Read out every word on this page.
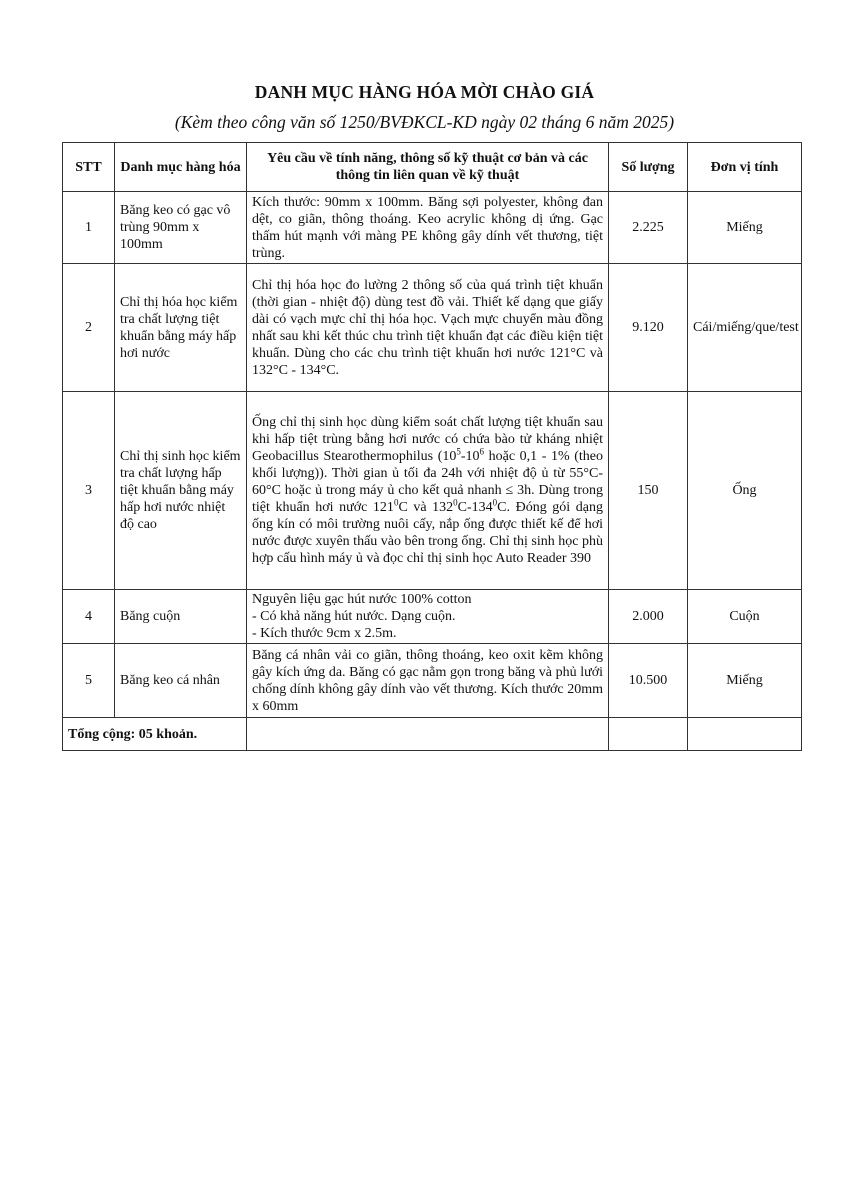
DANH MỤC HÀNG HÓA MỜI CHÀO GIÁ
(Kèm theo công văn số 1250/BVĐKCL-KD ngày 02 tháng 6 năm 2025)
STT	Danh mục hàng hóa	Yêu cầu về tính năng, thông số kỹ thuật cơ bản và các thông tin liên quan về kỹ thuật	Số lượng	Đơn vị tính
1	Băng keo có gạc vô trùng 90mm x 100mm	Kích thước: 90mm x 100mm. Băng sợi polyester, không đan dệt, co giãn, thông thoáng. Keo acrylic không dị ứng. Gạc thấm hút mạnh với màng PE không gây dính vết thương, tiệt trùng.	2.225	Miếng
2	Chỉ thị hóa học kiểm tra chất lượng tiệt khuẩn bằng máy hấp hơi nước	Chỉ thị hóa học đo lường 2 thông số của quá trình tiệt khuẩn (thời gian - nhiệt độ) dùng test đồ vải. Thiết kế dạng que giấy dài có vạch mực chỉ thị hóa học. Vạch mực chuyển màu đồng nhất sau khi kết thúc chu trình tiệt khuẩn đạt các điều kiện tiệt khuẩn. Dùng cho các chu trình tiệt khuẩn hơi nước 121°C và 132°C - 134°C.	9.120	Cái/miếng/que/test
3	Chỉ thị sinh học kiểm tra chất lượng hấp tiệt khuẩn bằng máy hấp hơi nước nhiệt độ cao	Ống chỉ thị sinh học dùng kiểm soát chất lượng tiệt khuẩn sau khi hấp tiệt trùng bằng hơi nước có chứa bào tử kháng nhiệt Geobacillus Stearothermophilus ($10^5-10^6$ hoặc 0,1 - 1% (theo khối lượng)). Thời gian ủ tối đa 24h với nhiệt độ ủ từ 55°C-60°C hoặc ủ trong máy ủ cho kết quả nhanh ≤ 3h. Dùng trong tiệt khuẩn hơi nước $121^0C$ và $132^0C-134^0C$. Đóng gói dạng ống kín có môi trường nuôi cấy, nắp ống được thiết kế để hơi nước được xuyên thấu vào bên trong ống. Chỉ thị sinh học phù hợp cấu hình máy ủ và đọc chỉ thị sinh học Auto Reader 390	150	Ống
4	Băng cuộn	Nguyên liệu gạc hút nước 100% cotton
- Có khả năng hút nước. Dạng cuộn.
- Kích thước 9cm x 2.5m.	2.000	Cuộn
5	Băng keo cá nhân	Băng cá nhân vải co giãn, thông thoáng, keo oxit kẽm không gây kích ứng da. Băng có gạc nằm gọn trong băng và phủ lưới chống dính không gây dính vào vết thương. Kích thước 20mm x 60mm	10.500	Miếng
Tổng cộng: 05 khoản.				
